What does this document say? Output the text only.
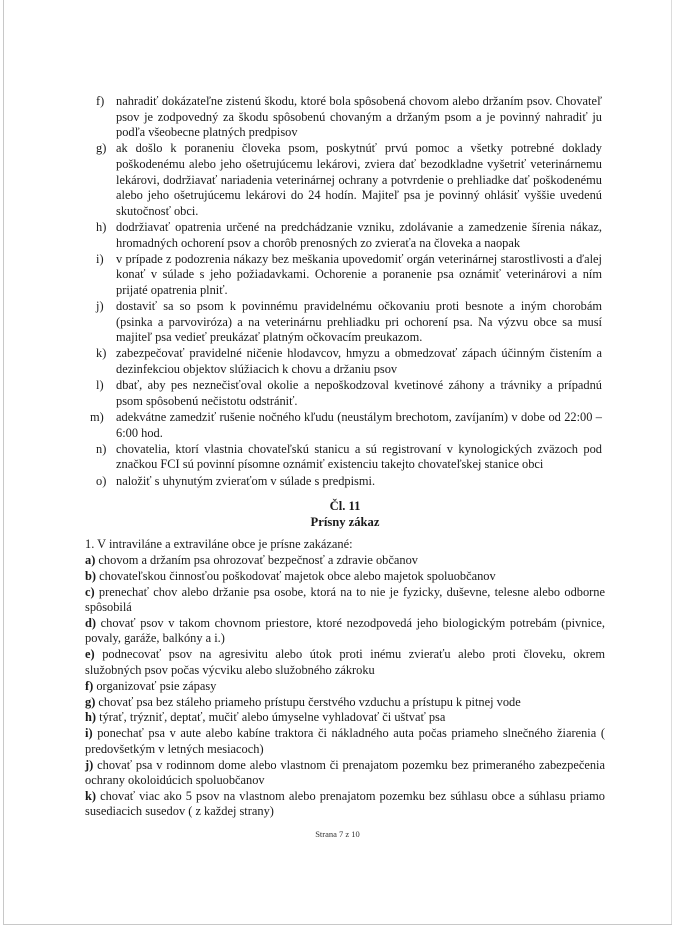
f) nahradiť dokázateľne zistenú škodu, ktoré bola spôsobená chovom alebo držaním psov. Chovateľ psov je zodpovedný za škodu spôsobenú chovaným a držaným psom a je povinný nahradiť ju podľa všeobecne platných predpisov
g) ak došlo k poraneniu človeka psom, poskytnúť prvú pomoc a všetky potrebné doklady poškodenému alebo jeho ošetrujúcemu lekárovi, zviera dať bezodkladne vyšetriť veterinárnemu lekárovi, dodržiavať nariadenia veterinárnej ochrany a potvrdenie o prehliadke dať poškodenému alebo jeho ošetrujúcemu lekárovi do 24 hodín. Majiteľ psa je povinný ohlásiť vyššie uvedenú skutočnosť obci.
h) dodržiavať opatrenia určené na predchádzanie vzniku, zdolávanie a zamedzenie šírenia nákaz, hromadných ochorení psov a chorôb prenosných zo zvieraťa na človeka a naopak
i) v prípade z podozrenia nákazy bez meškania upovedomiť orgán veterinárnej starostlivosti a ďalej konať v súlade s jeho požiadavkami. Ochorenie a poranenie psa oznámiť veterinárovi a ním prijaté opatrenia plniť.
j) dostaviť sa so psom k povinnému pravidelnému očkovaniu proti besnote a iným chorobám (psinka a parvoviróza) a na veterinárnu prehliadku pri ochorení psa. Na výzvu obce sa musí majiteľ psa vedieť preukázať platným očkovacím preukazom.
k) zabezpečovať pravidelné ničenie hlodavcov, hmyzu a obmedzovať zápach účinným čistením a dezinfekciou objektov slúžiacich k chovu a držaniu psov
l) dbať, aby pes neznečisťoval okolie a nepoškodzoval kvetinové záhony a trávniky a prípadnú psom spôsobenú nečistotu odstrániť.
m) adekvátne zamedziť rušenie nočného kľudu (neustálym brechotom, zavíjaním) v dobe od 22:00 – 6:00 hod.
n) chovatelia, ktorí vlastnia chovateľskú stanicu a sú registrovaní v kynologických zväzoch pod značkou FCI sú povinní písomne oznámiť existenciu takejto chovateľskej stanice obci
o) naložiť s uhynutým zvieraťom v súlade s predpismi.
Čl. 11
Prísny zákaz

1. V intraviláne a extraviláne obce je prísne zakázané:

a) chovom a držaním psa ohrozovať bezpečnosť a zdravie občanov

b) chovateľskou činnosťou poškodovať majetok obce alebo majetok spoluobčanov

c) prenechať chov alebo držanie psa osobe, ktorá na to nie je fyzicky, duševne, telesne alebo odborne spôsobilá

d) chovať psov v takom chovnom priestore, ktoré nezodpovedá jeho biologickým potrebám (pivnice, povaly, garáže, balkóny a i.)

e) podnecovať psov na agresivitu alebo útok proti inému zvieraťu alebo proti človeku, okrem služobných psov počas výcviku alebo služobného zákroku

f) organizovať psie zápasy

g) chovať psa bez stáleho priameho prístupu čerstvého vzduchu a prístupu k pitnej vode

h) týrať, trýzniť, deptať, mučiť alebo úmyselne vyhladovať či uštvať psa

i) ponechať psa v aute alebo kabíne traktora či nákladného auta počas priameho slnečného žiarenia ( predovšetkým v letných mesiacoch)

j) chovať psa v rodinnom dome alebo vlastnom či prenajatom pozemku bez primeraného zabezpečenia ochrany okoloidúcich spoluobčanov

k) chovať viac ako 5 psov na vlastnom alebo prenajatom pozemku bez súhlasu obce a súhlasu priamo susediacich susedov ( z každej strany)

Strana 7 z 10
